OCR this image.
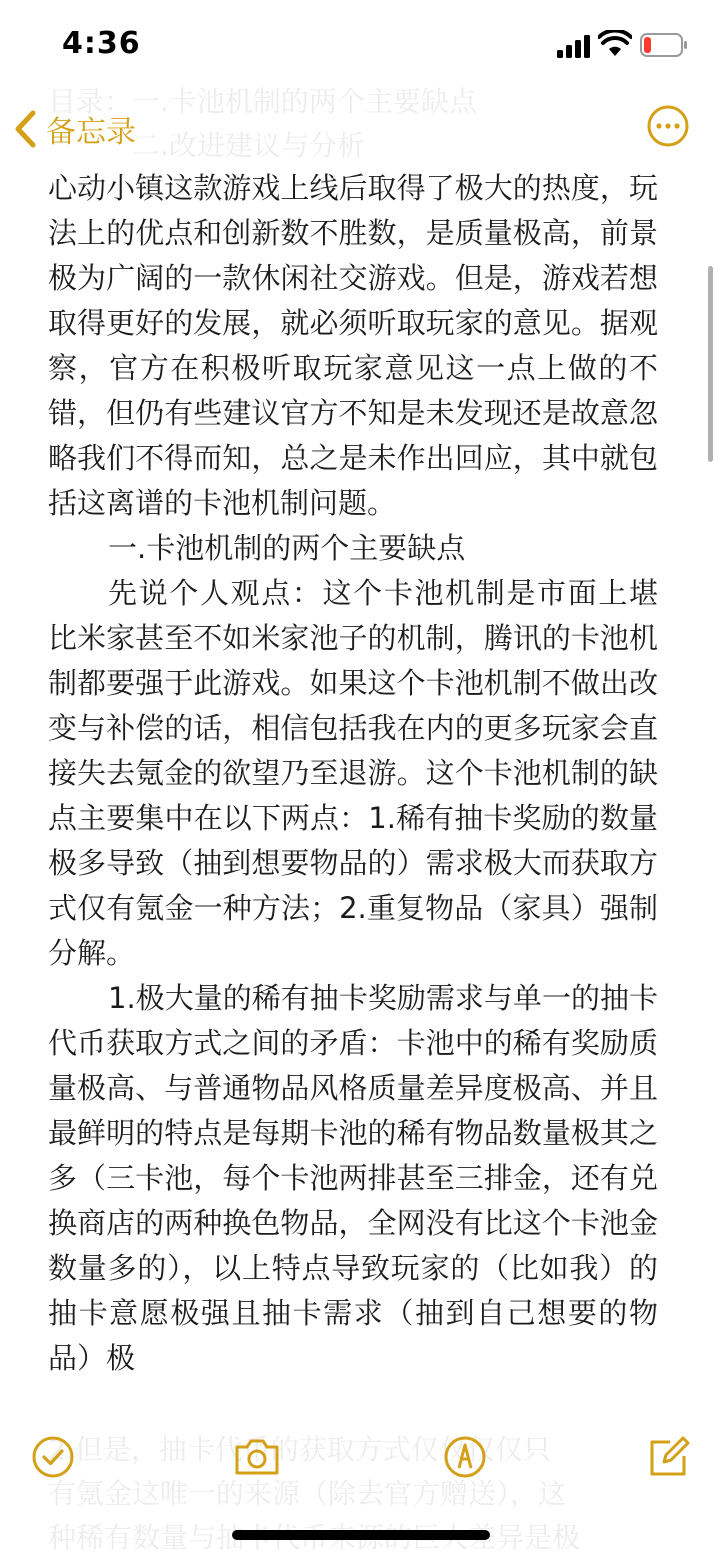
4:36
目录：一.卡池机制的两个主要缺点
二.改进建议与分析
备忘录

心动小镇这款游戏上线后取得了极大的热度，玩法上的优点和创新数不胜数，是质量极高，前景极为广阔的一款休闲社交游戏。但是，游戏若想取得更好的发展，就必须听取玩家的意见。据观察，官方在积极听取玩家意见这一点上做的不错，但仍有些建议官方不知是未发现还是故意忽略我们不得而知，总之是未作出回应，其中就包括这离谱的卡池机制问题。

一.卡池机制的两个主要缺点

先说个人观点：这个卡池机制是市面上堪比米家甚至不如米家池子的机制，腾讯的卡池机制都要强于此游戏。如果这个卡池机制不做出改变与补偿的话，相信包括我在内的更多玩家会直接失去氪金的欲望乃至退游。这个卡池机制的缺点主要集中在以下两点：1.稀有抽卡奖励的数量极多导致（抽到想要物品的）需求极大而获取方式仅有氪金一种方法；2.重复物品（家具）强制分解。

1.极大量的稀有抽卡奖励需求与单一的抽卡代币获取方式之间的矛盾：卡池中的稀有奖励质量极高、与普通物品风格质量差异度极高、并且最鲜明的特点是每期卡池的稀有物品数量极其之多（三卡池，每个卡池两排甚至三排金，还有兑换商店的两种换色物品，全网没有比这个卡池金数量多的），以上特点导致玩家的（比如我）的抽卡意愿极强且抽卡需求（抽到自己想要的物品）极

2.但是，抽卡代币的获取方式仅仅仅仅只
有氪金这唯一的来源（除去官方赠送），这
